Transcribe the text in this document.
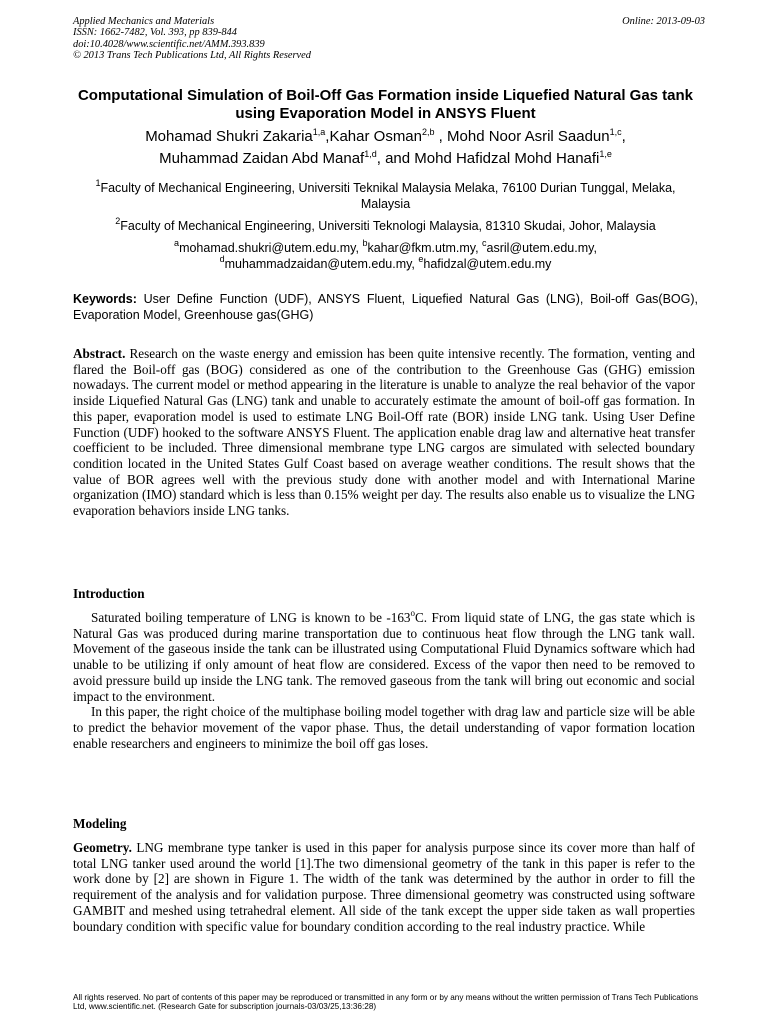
Applied Mechanics and Materials
ISSN: 1662-7482, Vol. 393, pp 839-844
doi:10.4028/www.scientific.net/AMM.393.839
© 2013 Trans Tech Publications Ltd, All Rights Reserved
Online: 2013-09-03
Computational Simulation of Boil-Off Gas Formation inside Liquefied Natural Gas tank using Evaporation Model in ANSYS Fluent
Mohamad Shukri Zakaria$^{1,a}$,Kahar Osman$^{2,b}$ , Mohd Noor Asril Saadun$^{1,c}$,
Muhammad Zaidan Abd Manaf$^{1,d}$, and Mohd Hafidzal Mohd Hanafi$^{1,e}$
$^1$Faculty of Mechanical Engineering, Universiti Teknikal Malaysia Melaka, 76100 Durian Tunggal, Melaka, Malaysia
$^2$Faculty of Mechanical Engineering, Universiti Teknologi Malaysia, 81310 Skudai, Johor, Malaysia
$^a$mohamad.shukri@utem.edu.my, $^b$kahar@fkm.utm.my, $^c$asril@utem.edu.my,
$^d$muhammadzaidan@utem.edu.my, $^e$hafidzal@utem.edu.my
Keywords: User Define Function (UDF), ANSYS Fluent, Liquefied Natural Gas (LNG), Boil-off Gas(BOG), Evaporation Model, Greenhouse gas(GHG)
Abstract. Research on the waste energy and emission has been quite intensive recently. The formation, venting and flared the Boil-off gas (BOG) considered as one of the contribution to the Greenhouse Gas (GHG) emission nowadays. The current model or method appearing in the literature is unable to analyze the real behavior of the vapor inside Liquefied Natural Gas (LNG) tank and unable to accurately estimate the amount of boil-off gas formation. In this paper, evaporation model is used to estimate LNG Boil-Off rate (BOR) inside LNG tank. Using User Define Function (UDF) hooked to the software ANSYS Fluent. The application enable drag law and alternative heat transfer coefficient to be included. Three dimensional membrane type LNG cargos are simulated with selected boundary condition located in the United States Gulf Coast based on average weather conditions. The result shows that the value of BOR agrees well with the previous study done with another model and with International Marine organization (IMO) standard which is less than 0.15% weight per day. The results also enable us to visualize the LNG evaporation behaviors inside LNG tanks.
Introduction

Saturated boiling temperature of LNG is known to be -163$^o$C. From liquid state of LNG, the gas state which is Natural Gas was produced during marine transportation due to continuous heat flow through the LNG tank wall. Movement of the gaseous inside the tank can be illustrated using Computational Fluid Dynamics software which had unable to be utilizing if only amount of heat flow are considered. Excess of the vapor then need to be removed to avoid pressure build up inside the LNG tank. The removed gaseous from the tank will bring out economic and social impact to the environment.

In this paper, the right choice of the multiphase boiling model together with drag law and particle size will be able to predict the behavior movement of the vapor phase. Thus, the detail understanding of vapor formation location enable researchers and engineers to minimize the boil off gas loses.

Modeling
Geometry. LNG membrane type tanker is used in this paper for analysis purpose since its cover more than half of total LNG tanker used around the world [1].The two dimensional geometry of the tank in this paper is refer to the work done by [2] are shown in Figure 1. The width of the tank was determined by the author in order to fill the requirement of the analysis and for validation purpose. Three dimensional geometry was constructed using software GAMBIT and meshed using tetrahedral element. All side of the tank except the upper side taken as wall properties boundary condition with specific value for boundary condition according to the real industry practice. While
All rights reserved. No part of contents of this paper may be reproduced or transmitted in any form or by any means without the written permission of Trans Tech Publications Ltd, www.scientific.net. (Research Gate for subscription journals-03/03/25,13:36:28)
